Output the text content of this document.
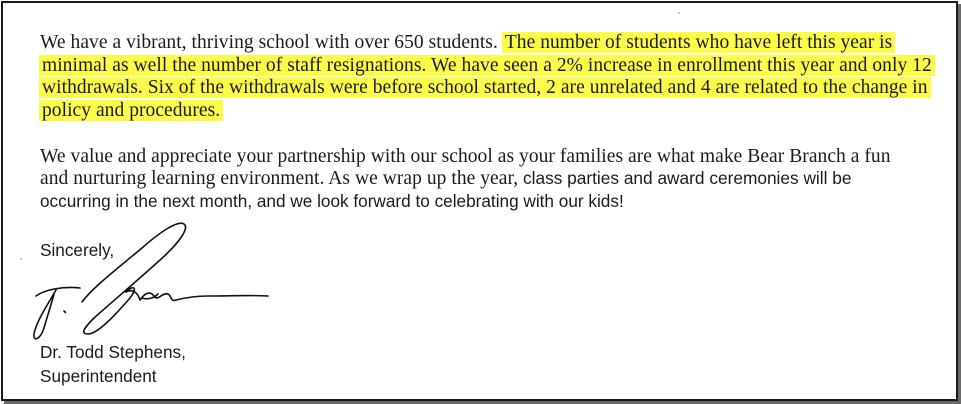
We have a vibrant, thriving school with over 650 students. The number of students who have left this year is minimal as well the number of staff resignations. We have seen a 2% increase in enrollment this year and only 12 withdrawals. Six of the withdrawals were before school started, 2 are unrelated and 4 are related to the change in policy and procedures.

We value and appreciate your partnership with our school as your families are what make Bear Branch a fun
and nurturing learning environment. As we wrap up the year, class parties and award ceremonies will be
occurring in the next month, and we look forward to celebrating with our kids!
Sincerely,
Dr. Todd Stephens,
Superintendent
